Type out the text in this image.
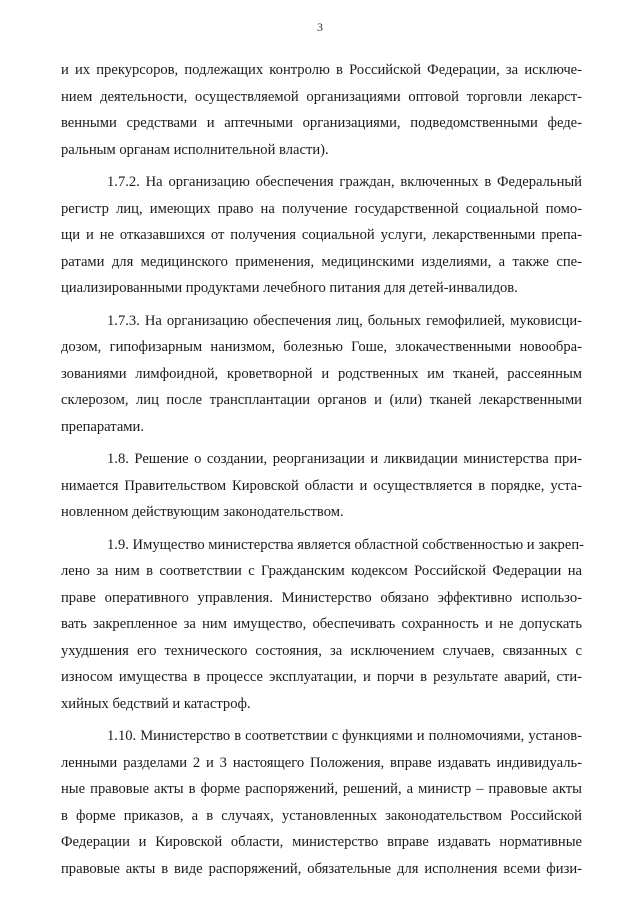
3
и их прекурсоров, подлежащих контролю в Российской Федерации, за исключе-
нием деятельности, осуществляемой организациями оптовой торговли лекарст-
венными средствами и аптечными организациями, подведомственными феде-
ральным органам исполнительной власти).
1.7.2. На организацию обеспечения граждан, включенных в Федеральный
регистр лиц, имеющих право на получение государственной социальной помо-
щи и не отказавшихся от получения социальной услуги, лекарственными препа-
ратами для медицинского применения, медицинскими изделиями, а также спе-
циализированными продуктами лечебного питания для детей-инвалидов.
1.7.3. На организацию обеспечения лиц, больных гемофилией, муковисци-
дозом, гипофизарным нанизмом, болезнью Гоше, злокачественными новообра-
зованиями лимфоидной, кроветворной и родственных им тканей, рассеянным
склерозом, лиц после трансплантации органов и (или) тканей лекарственными
препаратами.
1.8. Решение о создании, реорганизации и ликвидации министерства при-
нимается Правительством Кировской области и осуществляется в порядке, уста-
новленном действующим законодательством.
1.9. Имущество министерства является областной собственностью и закреп-
лено за ним в соответствии с Гражданским кодексом Российской Федерации на
праве оперативного управления. Министерство обязано эффективно использо-
вать закрепленное за ним имущество, обеспечивать сохранность и не допускать
ухудшения его технического состояния, за исключением случаев, связанных с
износом имущества в процессе эксплуатации, и порчи в результате аварий, сти-
хийных бедствий и катастроф.
1.10. Министерство в соответствии с функциями и полномочиями, установ-
ленными разделами 2 и 3 настоящего Положения, вправе издавать индивидуаль-
ные правовые акты в форме распоряжений, решений, а министр – правовые акты
в форме приказов, а в случаях, установленных законодательством Российской
Федерации и Кировской области, министерство вправе издавать нормативные
правовые акты в виде распоряжений, обязательные для исполнения всеми физи-
